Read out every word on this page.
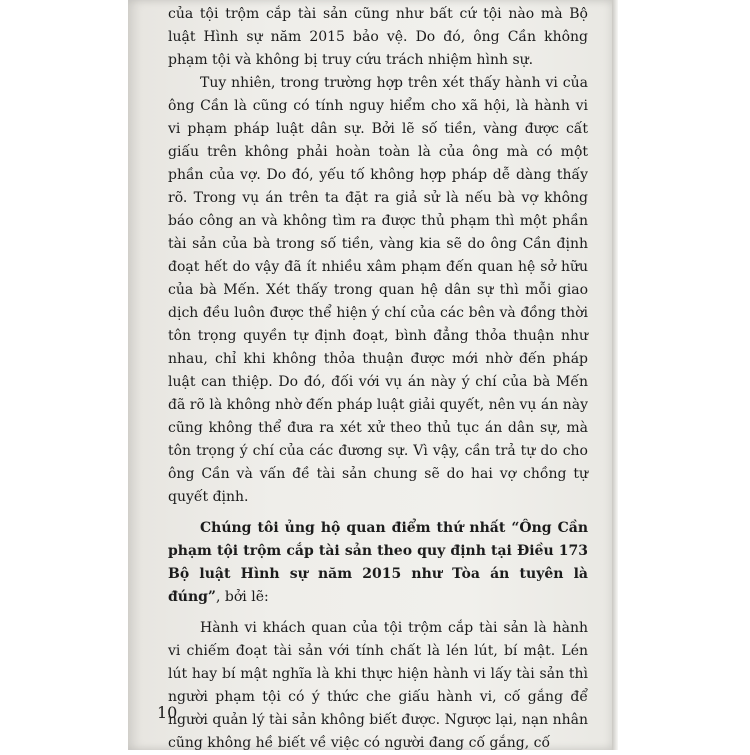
của tội trộm cắp tài sản cũng như bất cứ tội nào mà Bộ luật Hình sự năm 2015 bảo vệ. Do đó, ông Cần không phạm tội và không bị truy cứu trách nhiệm hình sự.

Tuy nhiên, trong trường hợp trên xét thấy hành vi của ông Cần là cũng có tính nguy hiểm cho xã hội, là hành vi vi phạm pháp luật dân sự. Bởi lẽ số tiền, vàng được cất giấu trên không phải hoàn toàn là của ông mà có một phần của vợ. Do đó, yếu tố không hợp pháp dễ dàng thấy rõ. Trong vụ án trên ta đặt ra giả sử là nếu bà vợ không báo công an và không tìm ra được thủ phạm thì một phần tài sản của bà trong số tiền, vàng kia sẽ do ông Cần định đoạt hết do vậy đã ít nhiều xâm phạm đến quan hệ sở hữu của bà Mến. Xét thấy trong quan hệ dân sự thì mỗi giao dịch đều luôn được thể hiện ý chí của các bên và đồng thời tôn trọng quyền tự định đoạt, bình đẳng thỏa thuận như nhau, chỉ khi không thỏa thuận được mới nhờ đến pháp luật can thiệp. Do đó, đối với vụ án này ý chí của bà Mến đã rõ là không nhờ đến pháp luật giải quyết, nên vụ án này cũng không thể đưa ra xét xử theo thủ tục án dân sự, mà tôn trọng ý chí của các đương sự. Vì vậy, cần trả tự do cho ông Cần và vấn đề tài sản chung sẽ do hai vợ chồng tự quyết định.

Chúng tôi ủng hộ quan điểm thứ nhất “Ông Cần phạm tội trộm cắp tài sản theo quy định tại Điều 173 Bộ luật Hình sự năm 2015 như Tòa án tuyên là đúng”, bởi lẽ:

Hành vi khách quan của tội trộm cắp tài sản là hành vi chiếm đoạt tài sản với tính chất là lén lút, bí mật. Lén lút hay bí mật nghĩa là khi thực hiện hành vi lấy tài sản thì người phạm tội có ý thức che giấu hành vi, cố gắng để người quản lý tài sản không biết được. Ngược lại, nạn nhân cũng không hề biết về việc có người đang cố gắng, cố

10
